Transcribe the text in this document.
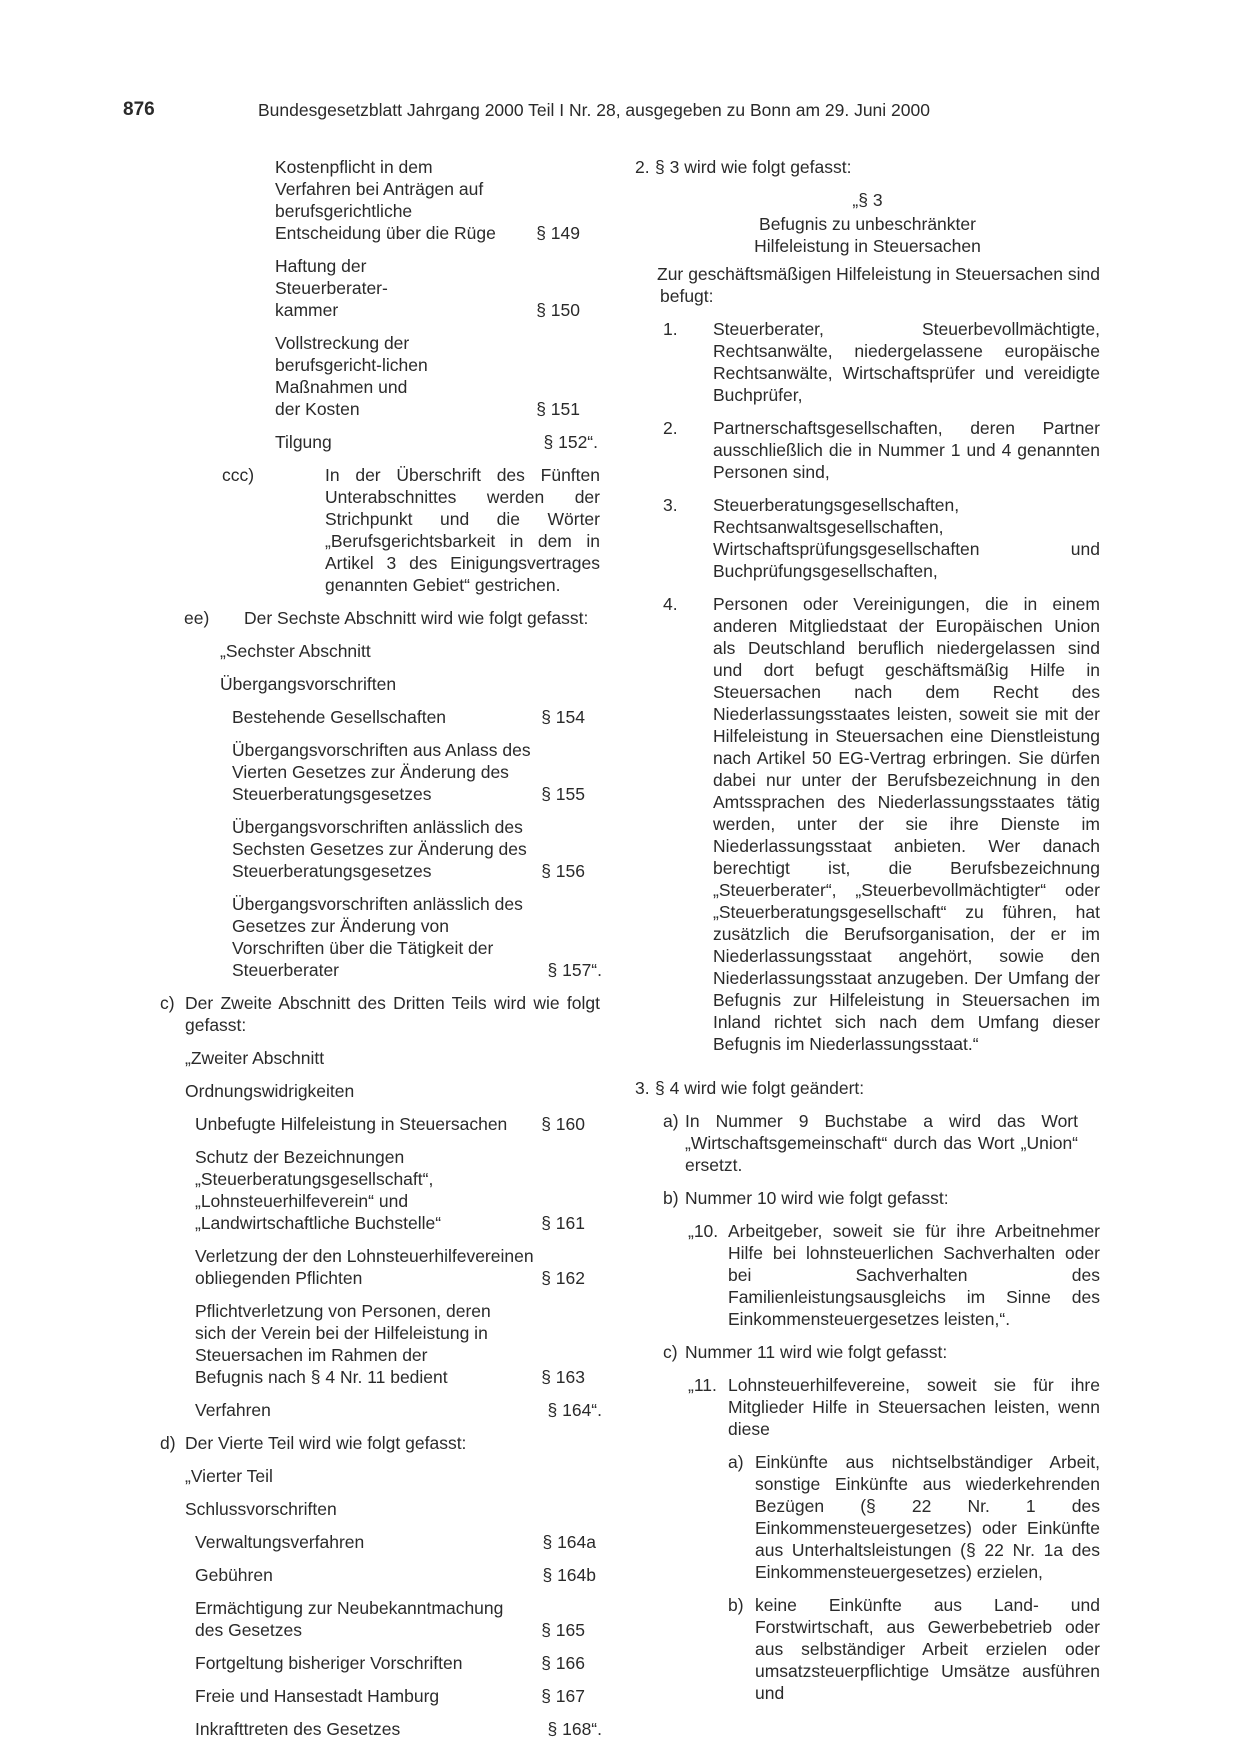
876	Bundesgesetzblatt Jahrgang 2000 Teil I Nr. 28, ausgegeben zu Bonn am 29. Juni 2000
Kostenpflicht in dem Verfahren bei Anträgen auf berufsgerichtliche Entscheidung über die Rüge	§ 149
Haftung der Steuerberater-kammer	§ 150
Vollstreckung der berufsgericht-lichen Maßnahmen und der Kosten	§ 151
Tilgung	§ 152“.
ccc)	In der Überschrift des Fünften Unterabschnittes werden der Strichpunkt und die Wörter „Berufsgerichtsbarkeit in dem in Artikel 3 des Einigungsvertrages genannten Gebiet“ gestrichen.
ee)	Der Sechste Abschnitt wird wie folgt gefasst:
„Sechster Abschnitt
Übergangsvorschriften
Bestehende Gesellschaften	§ 154
Übergangsvorschriften aus Anlass des Vierten Gesetzes zur Änderung des Steuerberatungsgesetzes	§ 155
Übergangsvorschriften anlässlich des Sechsten Gesetzes zur Änderung des Steuerberatungsgesetzes	§ 156
Übergangsvorschriften anlässlich des Gesetzes zur Änderung von Vorschriften über die Tätigkeit der Steuerberater	§ 157“.
c) Der Zweite Abschnitt des Dritten Teils wird wie folgt gefasst:
„Zweiter Abschnitt
Ordnungswidrigkeiten
Unbefugte Hilfeleistung in Steuersachen	§ 160
Schutz der Bezeichnungen „Steuerberatungsgesellschaft“, „Lohnsteuerhilfeverein“ und „Landwirtschaftliche Buchstelle“	§ 161
Verletzung der den Lohnsteuerhilfevereinen obliegenden Pflichten	§ 162
Pflichtverletzung von Personen, deren sich der Verein bei der Hilfeleistung in Steuersachen im Rahmen der Befugnis nach § 4 Nr. 11 bedient	§ 163
Verfahren	§ 164“.
d) Der Vierte Teil wird wie folgt gefasst:
„Vierter Teil
Schlussvorschriften
Verwaltungsverfahren	§ 164a
Gebühren	§ 164b
Ermächtigung zur Neubekanntmachung des Gesetzes	§ 165
Fortgeltung bisheriger Vorschriften	§ 166
Freie und Hansestadt Hamburg	§ 167
Inkrafttreten des Gesetzes	§ 168“.
2. § 3 wird wie folgt gefasst:
„§ 3
Befugnis zu unbeschränkter
Hilfeleistung in Steuersachen
Zur geschäftsmäßigen Hilfeleistung in Steuersachen sind befugt:
1.	Steuerberater, Steuerbevollmächtigte, Rechtsanwälte, niedergelassene europäische Rechtsanwälte, Wirtschaftsprüfer und vereidigte Buchprüfer,
2.	Partnerschaftsgesellschaften, deren Partner ausschließlich die in Nummer 1 und 4 genannten Personen sind,
3.	Steuerberatungsgesellschaften, Rechtsanwaltsgesellschaften, Wirtschaftsprüfungsgesellschaften und Buchprüfungsgesellschaften,
4.	Personen oder Vereinigungen, die in einem anderen Mitgliedstaat der Europäischen Union als Deutschland beruflich niedergelassen sind und dort befugt geschäftsmäßig Hilfe in Steuersachen nach dem Recht des Niederlassungsstaates leisten, soweit sie mit der Hilfeleistung in Steuersachen eine Dienstleistung nach Artikel 50 EG-Vertrag erbringen. Sie dürfen dabei nur unter der Berufsbezeichnung in den Amtssprachen des Niederlassungsstaates tätig werden, unter der sie ihre Dienste im Niederlassungsstaat anbieten. Wer danach berechtigt ist, die Berufsbezeichnung „Steuerberater“, „Steuerbevollmächtigter“ oder „Steuerberatungsgesellschaft“ zu führen, hat zusätzlich die Berufsorganisation, der er im Niederlassungsstaat angehört, sowie den Niederlassungsstaat anzugeben. Der Umfang der Befugnis zur Hilfeleistung in Steuersachen im Inland richtet sich nach dem Umfang dieser Befugnis im Niederlassungsstaat.“
3. § 4 wird wie folgt geändert:
a) In Nummer 9 Buchstabe a wird das Wort „Wirtschaftsgemeinschaft“ durch das Wort „Union“ ersetzt.
b) Nummer 10 wird wie folgt gefasst:
„10. Arbeitgeber, soweit sie für ihre Arbeitnehmer Hilfe bei lohnsteuerlichen Sachverhalten oder bei Sachverhalten des Familienleistungsausgleichs im Sinne des Einkommensteuergesetzes leisten,“.
c) Nummer 11 wird wie folgt gefasst:
„11. Lohnsteuerhilfevereine, soweit sie für ihre Mitglieder Hilfe in Steuersachen leisten, wenn diese
a) Einkünfte aus nichtselbständiger Arbeit, sonstige Einkünfte aus wiederkehrenden Bezügen (§ 22 Nr. 1 des Einkommensteuergesetzes) oder Einkünfte aus Unterhaltsleistungen (§ 22 Nr. 1a des Einkommensteuergesetzes) erzielen,
b) keine Einkünfte aus Land- und Forstwirtschaft, aus Gewerbebetrieb oder aus selbständiger Arbeit erzielen oder umsatzsteuerpflichtige Umsätze ausführen und
